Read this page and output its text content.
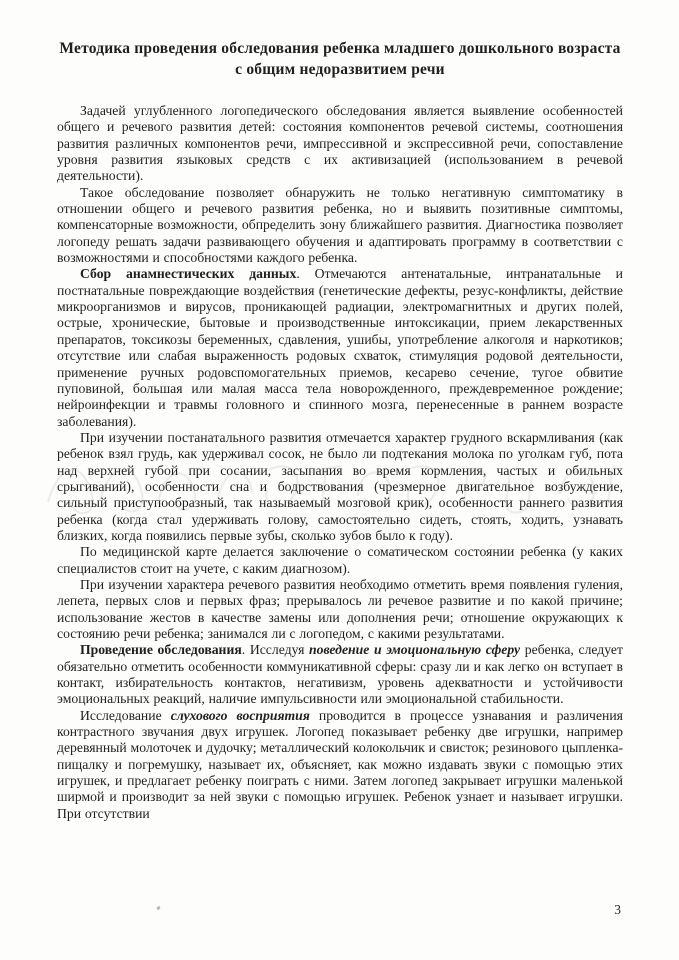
Методика проведения обследования ребенка младшего дошкольного возраста с общим недоразвитием речи

Задачей углубленного логопедического обследования является выявление особенностей общего и речевого развития детей: состояния компонентов речевой системы, соотношения развития различных компонентов речи, импрессивной и экспрессивной речи, сопоставление уровня развития языковых средств с их активизацией (использованием в речевой деятельности).

Такое обследование позволяет обнаружить не только негативную симптоматику в отношении общего и речевого развития ребенка, но и выявить позитивные симптомы, компенсаторные возможности, обпределить зону ближайшего развития. Диагностика позволяет логопеду решать задачи развивающего обучения и адаптировать программу в соответствии с возможностями и способностями каждого ребенка.

Сбор анамнестических данных. Отмечаются антенатальные, интранатальные и постнатальные повреждающие воздействия (генетические дефекты, резус-конфликты, действие микроорганизмов и вирусов, проникающей радиации, электромагнитных и других полей, острые, хронические, бытовые и производственные интоксикации, прием лекарственных препаратов, токсикозы беременных, сдавления, ушибы, употребление алкоголя и наркотиков; отсутствие или слабая выраженность родовых схваток, стимуляция родовой деятельности, применение ручных родовспомогательных приемов, кесарево сечение, тугое обвитие пуповиной, большая или малая масса тела новорожденного, преждевременное рождение; нейроинфекции и травмы головного и спинного мозга, перенесенные в раннем возрасте заболевания).

При изучении постанатального развития отмечается характер грудного вскармливания (как ребенок взял грудь, как удерживал сосок, не было ли подтекания молока по уголкам губ, пота над верхней губой при сосании, засыпания во время кормления, частых и обильных срыгиваний), особенности сна и бодрствования (чрезмерное двигательное возбуждение, сильный приступообразный, так называемый мозговой крик), особенности раннего развития ребенка (когда стал удерживать голову, самостоятельно сидеть, стоять, ходить, узнавать близких, когда появились первые зубы, сколько зубов было к году).

По медицинской карте делается заключение о соматическом состоянии ребенка (у каких специалистов стоит на учете, с каким диагнозом).

При изучении характера речевого развития необходимо отметить время появления гуления, лепета, первых слов и первых фраз; прерывалось ли речевое развитие и по какой причине; использование жестов в качестве замены или дополнения речи; отношение окружающих к состоянию речи ребенка; занимался ли с логопедом, с какими результатами.

Проведение обследования. Исследуя поведение и эмоциональную сферу ребенка, следует обязательно отметить особенности коммуникативной сферы: сразу ли и как легко он вступает в контакт, избирательность контактов, негативизм, уровень адекватности и устойчивости эмоциональных реакций, наличие импульсивности или эмоциональной стабильности.

Исследование слухового восприятия проводится в процессе узнавания и различения контрастного звучания двух игрушек. Логопед показывает ребенку две игрушки, например деревянный молоточек и дудочку; металлический колокольчик и свисток; резинового цыпленка-пищалку и погремушку, называет их, объясняет, как можно издавать звуки с помощью этих игрушек, и предлагает ребенку поиграть с ними. Затем логопед закрывает игрушки маленькой ширмой и производит за ней звуки с помощью игрушек. Ребенок узнает и называет игрушки. При отсутствии

3
